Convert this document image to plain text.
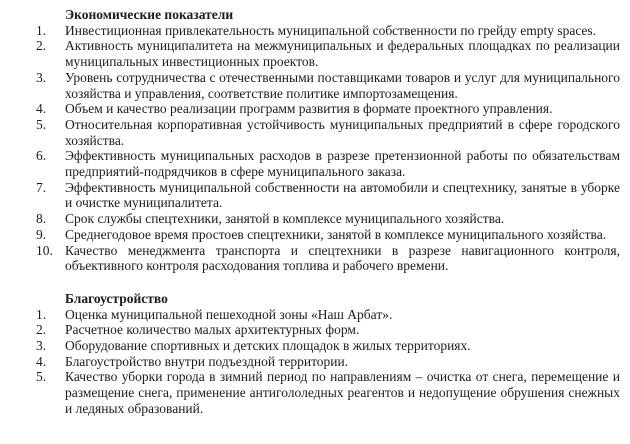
Экономические показатели
1.	Инвестиционная привлекательность муниципальной собственности по грейду empty spaces.
2.	Активность муниципалитета на межмуниципальных и федеральных площадках по реализации муниципальных инвестиционных проектов.
3.	Уровень сотрудничества с отечественными поставщиками товаров и услуг для муниципального хозяйства и управления, соответствие политике импортозамещения.
4.	Объем и качество реализации программ развития в формате проектного управления.
5.	Относительная корпоративная устойчивость муниципальных предприятий в сфере городского хозяйства.
6.	Эффективность муниципальных расходов в разрезе претензионной работы по обязательствам предприятий-подрядчиков в сфере муниципального заказа.
7.	Эффективность муниципальной собственности на автомобили и спецтехнику, занятые в уборке и очистке муниципалитета.
8.	Срок службы спецтехники, занятой в комплексе муниципального хозяйства.
9.	Среднегодовое время простоев спецтехники, занятой в комплексе муниципального хозяйства.
10. Качество менеджмента транспорта и спецтехники в разрезе навигационного контроля, объективного контроля расходования топлива и рабочего времени.
Благоустройство
1.	Оценка муниципальной пешеходной зоны «Наш Арбат».
2.	Расчетное количество малых архитектурных форм.
3.	Оборудование спортивных и детских площадок в жилых территориях.
4.	Благоустройство внутри подъездной территории.
5.	Качество уборки города в зимний период по направлениям – очистка от снега, перемещение и размещение снега, применение антигололедных реагентов и недопущение обрушения снежных и ледяных образований.
